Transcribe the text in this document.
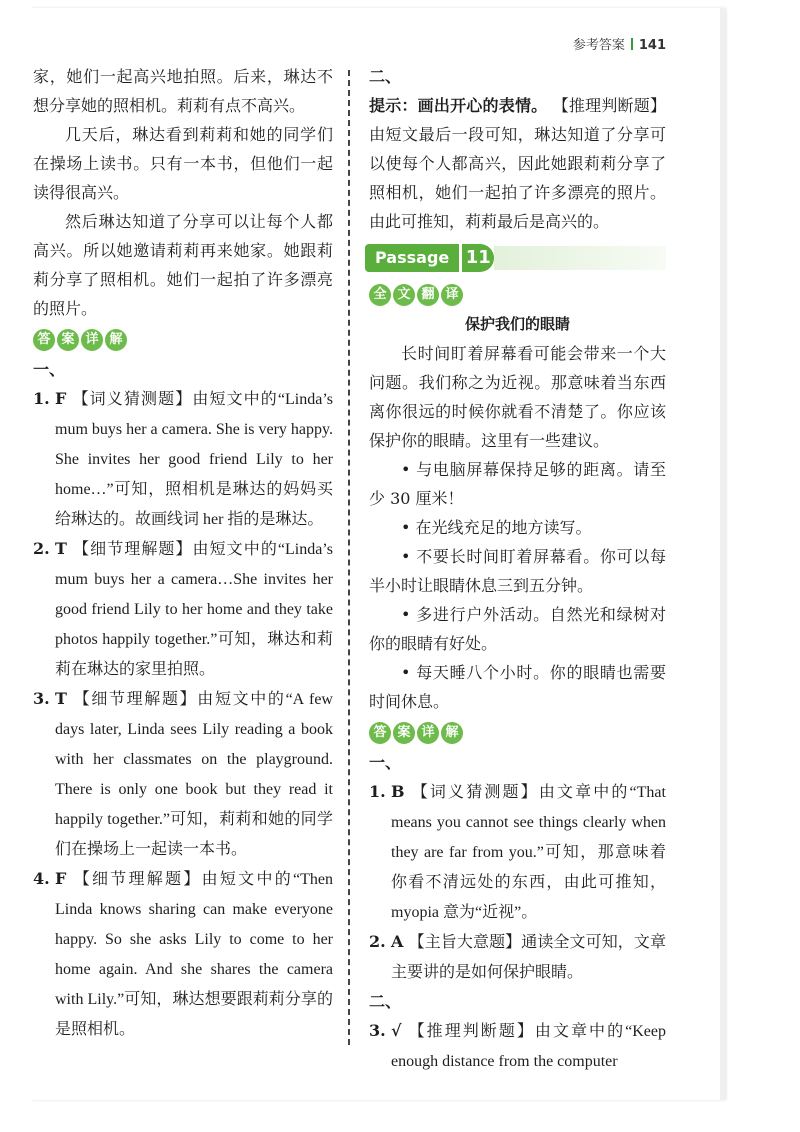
参考答案 141

家，她们一起高兴地拍照。后来，琳达不想分享她的照相机。莉莉有点不高兴。

几天后，琳达看到莉莉和她的同学们在操场上读书。只有一本书，但他们一起读得很高兴。

然后琳达知道了分享可以让每个人都高兴。所以她邀请莉莉再来她家。她跟莉莉分享了照相机。她们一起拍了许多漂亮的照片。

答 案 详 解

一、

1. F 【词义猜测题】由短文中的“Linda’s mum buys her a camera. She is very happy. She invites her good friend Lily to her home…”可知，照相机是琳达的妈妈买给琳达的。故画线词 her 指的是琳达。
2. T 【细节理解题】由短文中的“Linda’s mum buys her a camera…She invites her good friend Lily to her home and they take photos happily together.”可知，琳达和莉莉在琳达的家里拍照。
3. T 【细节理解题】由短文中的“A few days later, Linda sees Lily reading a book with her classmates on the playground. There is only one book but they read it happily together.”可知，莉莉和她的同学们在操场上一起读一本书。
4. F 【细节理解题】由短文中的“Then Linda knows sharing can make everyone happy. So she asks Lily to come to her home again. And she shares the camera with Lily.”可知，琳达想要跟莉莉分享的是照相机。

二、

提示：画出开心的表情。 【推理判断题】由短文最后一段可知，琳达知道了分享可以使每个人都高兴，因此她跟莉莉分享了照相机，她们一起拍了许多漂亮的照片。由此可推知，莉莉最后是高兴的。

Passage 11
全 文 翻 译

保护我们的眼睛

长时间盯着屏幕看可能会带来一个大问题。我们称之为近视。那意味着当东西离你很远的时候你就看不清楚了。你应该保护你的眼睛。这里有一些建议。

• 与电脑屏幕保持足够的距离。请至少 30 厘米！

• 在光线充足的地方读写。

• 不要长时间盯着屏幕看。你可以每半小时让眼睛休息三到五分钟。

• 多进行户外活动。自然光和绿树对你的眼睛有好处。

• 每天睡八个小时。你的眼睛也需要时间休息。

答 案 详 解

一、

1. B 【词义猜测题】由文章中的“That means you cannot see things clearly when they are far from you.”可知，那意味着你看不清远处的东西，由此可推知，myopia 意为“近视”。
2. A 【主旨大意题】通读全文可知，文章主要讲的是如何保护眼睛。

二、

3. √ 【推理判断题】由文章中的“Keep enough distance from the computer
